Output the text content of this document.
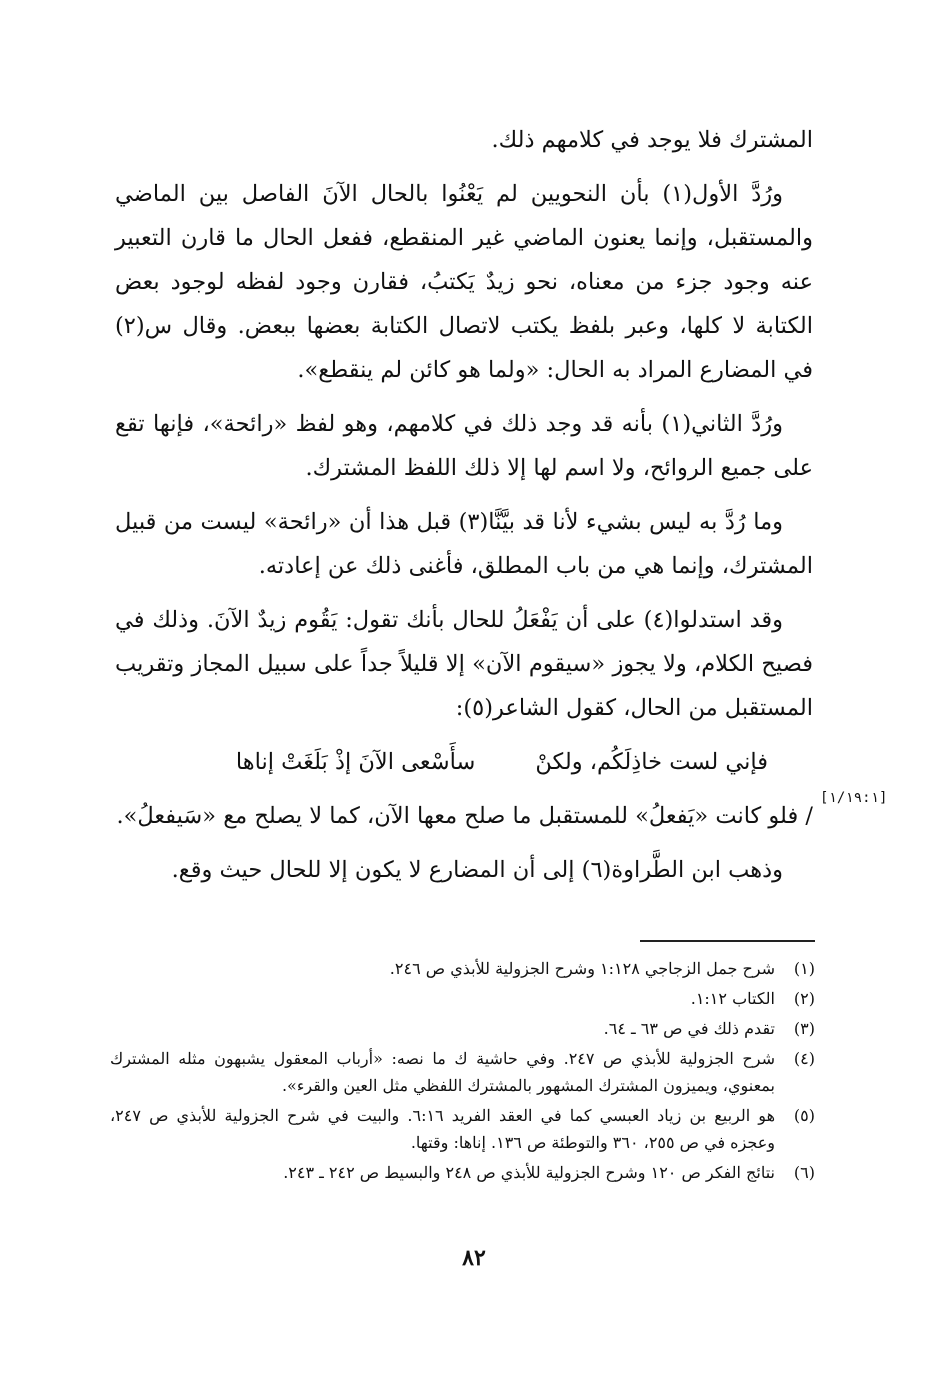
المشترك فلا يوجد في كلامهم ذلك.

ورُدَّ الأول(١) بأن النحويين لم يَعْنُوا بالحال الآنَ الفاصل بين الماضي والمستقبل، وإنما يعنون الماضي غير المنقطع، ففعل الحال ما قارن التعبير عنه وجود جزء من معناه، نحو زيدٌ يَكتبُ، فقارن وجود لفظه لوجود بعض الكتابة لا كلها، وعبر بلفظ يكتب لاتصال الكتابة بعضها ببعض. وقال س(٢) في المضارع المراد به الحال: «ولما هو كائن لم ينقطع».

ورُدَّ الثاني(١) بأنه قد وجد ذلك في كلامهم، وهو لفظ «رائحة»، فإنها تقع على جميع الروائح، ولا اسم لها إلا ذلك اللفظ المشترك.

وما رُدَّ به ليس بشيء لأنا قد بيَّنَّا(٣) قبل هذا أن «رائحة» ليست من قبيل المشترك، وإنما هي من باب المطلق، فأغنى ذلك عن إعادته.

وقد استدلوا(٤) على أن يَفْعَلُ للحال بأنك تقول: يَقُوم زيدٌ الآنَ. وذلك في فصيح الكلام، ولا يجوز «سيقوم الآن» إلا قليلاً جداً على سبيل المجاز وتقريب المستقبل من الحال، كقول الشاعر(٥):

فإني لست خاذِلَكُم، ولكنْ
سأَسْعى الآنَ إذْ بَلَغَتْ إناها

/ فلو كانت «يَفعلُ» للمستقبل ما صلح معها الآن، كما لا يصلح مع «سَيفعلُ».

وذهب ابن الطَّراوة(٦) إلى أن المضارع لا يكون إلا للحال حيث وقع.

[١/١٩:١]
(١)
شرح جمل الزجاجي ١:١٢٨ وشرح الجزولية للأبذي ص ٢٤٦.
(٢)
الكتاب ١:١٢.
(٣)
تقدم ذلك في ص ٦٣ ـ ٦٤.
(٤)
شرح الجزولية للأبذي ص ٢٤٧. وفي حاشية ك ما نصه: «أرباب المعقول يشبهون مثله المشترك بمعنوي، ويميزون المشترك المشهور بالمشترك اللفظي مثل العين والقرء».
(٥)
هو الربيع بن زياد العبسي كما في العقد الفريد ٦:١٦. والبيت في شرح الجزولية للأبذي ص ٢٤٧، وعجزه في ص ٢٥٥، ٣٦٠ والتوطئة ص ١٣٦. إناها: وقتها.
(٦)
نتائج الفكر ص ١٢٠ وشرح الجزولية للأبذي ص ٢٤٨ والبسيط ص ٢٤٢ ـ ٢٤٣.
٨٢
